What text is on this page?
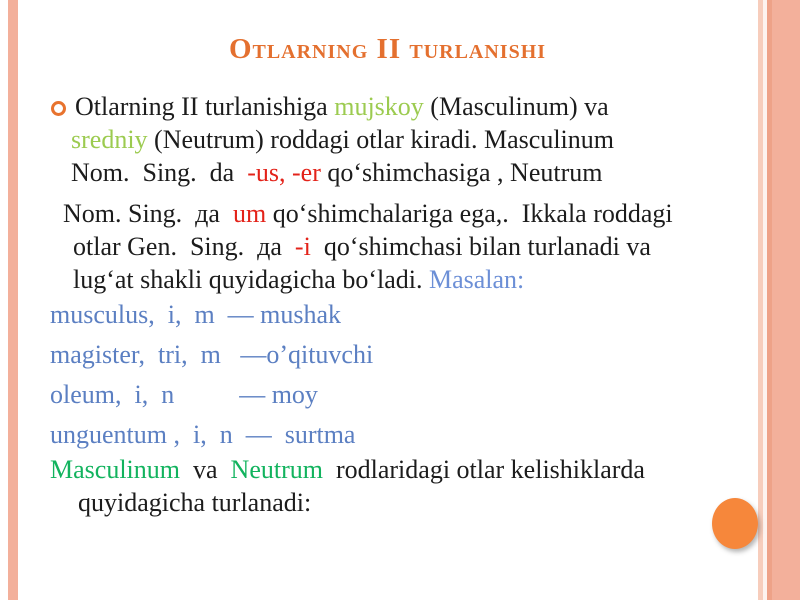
Otlarning II turlanishi

Otlarning II turlanishiga mujskoy (Masculinum) va
sredniy (Neutrum) roddagi otlar kiradi. Masculinum
Nom.  Sing.  da  -us, -er qo‘shimchasiga , Neutrum

Nom. Sing.  да  um qo‘shimchalariga ega,.  Ikkala roddagi
otlar Gen.  Sing.  да  -i  qo‘shimchasi bilan turlanadi va
lug‘at shakli quyidagicha bo‘ladi. Masalan:

musculus,  i,  m  — mushak

magister,  tri,  m   —o’qituvchi

oleum,  i,  n          — moy

unguentum ,  i,  n  —  surtma

Masculinum  va  Neutrum  rodlaridagi otlar kelishiklarda
quyidagicha turlanadi:
